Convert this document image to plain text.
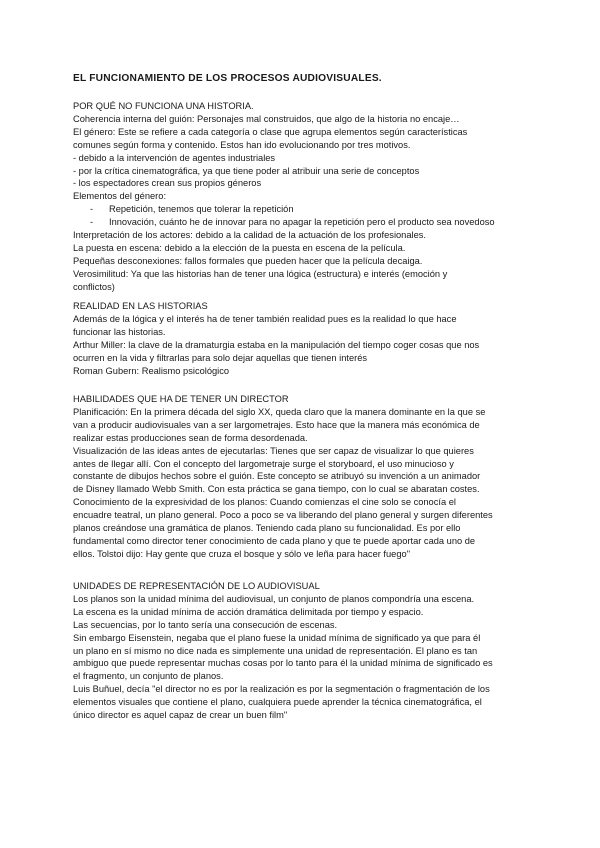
EL FUNCIONAMIENTO DE LOS PROCESOS AUDIOVISUALES.

POR QUÉ NO FUNCIONA UNA HISTORIA.

Coherencia interna del guión: Personajes mal construidos, que algo de la historia no encaje…

El género: Este se refiere a cada categoría o clase que agrupa elementos según características

comunes según forma y contenido. Estos han ido evolucionando por tres motivos.

- debido a la intervención de agentes industriales

- por la crítica cinematográfica, ya que tiene poder al atribuir una serie de conceptos

- los espectadores crean sus propios géneros

Elementos del género:

- Repetición, tenemos que tolerar la repetición

- Innovación, cuánto he de innovar para no apagar la repetición pero el producto sea novedoso

Interpretación de los actores: debido a la calidad de la actuación de los profesionales.

La puesta en escena: debido a la elección de la puesta en escena de la película.

Pequeñas desconexiones: fallos formales que pueden hacer que la película decaiga.

Verosimilitud: Ya que las historias han de tener una lógica (estructura) e interés (emoción y

conflictos)

REALIDAD EN LAS HISTORIAS

Además de la lógica y el interés ha de tener también realidad pues es la realidad lo que hace

funcionar las historias.

Arthur Miller: la clave de la dramaturgia estaba en la manipulación del tiempo coger cosas que nos

ocurren en la vida y filtrarlas para solo dejar aquellas que tienen interés

Roman Gubern: Realismo psicológico

HABILIDADES QUE HA DE TENER UN DIRECTOR

Planificación: En la primera década del siglo XX, queda claro que la manera dominante en la que se

van a producir audiovisuales van a ser largometrajes. Esto hace que la manera más económica de

realizar estas producciones sean de forma desordenada.

Visualización de las ideas antes de ejecutarlas: Tienes que ser capaz de visualizar lo que quieres

antes de llegar allí. Con el concepto del largometraje surge el storyboard, el uso minucioso y

constante de dibujos hechos sobre el guión. Este concepto se atribuyó su invención a un animador

de Disney llamado Webb Smith. Con esta práctica se gana tiempo, con lo cual se abaratan costes.

Conocimiento de la expresividad de los planos: Cuando comienzas el cine solo se conocía el

encuadre teatral, un plano general. Poco a poco se va liberando del plano general y surgen diferentes

planos creándose una gramática de planos. Teniendo cada plano su funcionalidad. Es por ello

fundamental como director tener conocimiento de cada plano y que te puede aportar cada uno de

ellos. Tolstoi dijo: Hay gente que cruza el bosque y sólo ve leña para hacer fuego"

UNIDADES DE REPRESENTACIÓN DE LO AUDIOVISUAL

Los planos son la unidad mínima del audiovisual, un conjunto de planos compondría una escena.

La escena es la unidad mínima de acción dramática delimitada por tiempo y espacio.

Las secuencias, por lo tanto sería una consecución de escenas.

Sin embargo Eisenstein, negaba que el plano fuese la unidad mínima de significado ya que para él

un plano en sí mismo no dice nada es simplemente una unidad de representación. El plano es tan

ambiguo que puede representar muchas cosas por lo tanto para él la unidad mínima de significado es

el fragmento, un conjunto de planos.

Luis Buñuel, decía "el director no es por la realización es por la segmentación o fragmentación de los

elementos visuales que contiene el plano, cualquiera puede aprender la técnica cinematográfica, el

único director es aquel capaz de crear un buen film"
